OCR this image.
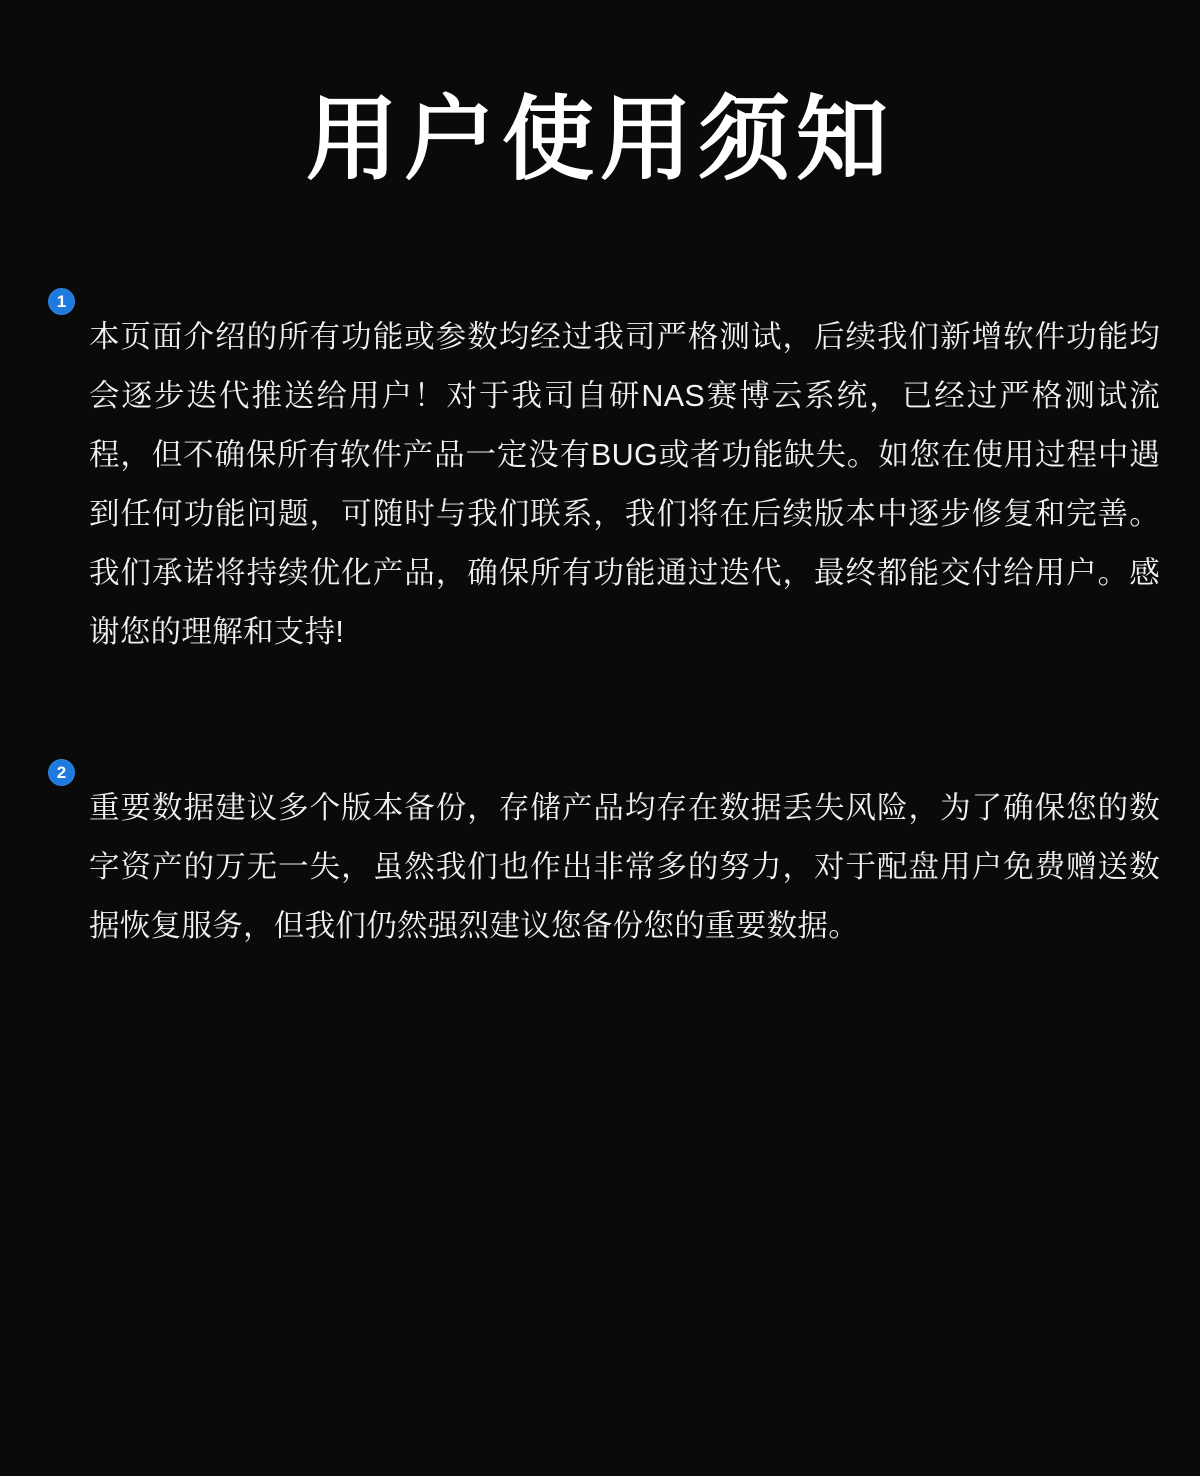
用户使用须知
1

本页面介绍的所有功能或参数均经过我司严格测试，后续我们新增软件功能均会逐步迭代推送给用户！对于我司自研NAS赛博云系统，已经过严格测试流程，但不确保所有软件产品一定没有BUG或者功能缺失。如您在使用过程中遇到任何功能问题，可随时与我们联系，我们将在后续版本中逐步修复和完善。我们承诺将持续优化产品，确保所有功能通过迭代，最终都能交付给用户。感谢您的理解和支持!

2

重要数据建议多个版本备份，存储产品均存在数据丢失风险，为了确保您的数字资产的万无一失，虽然我们也作出非常多的努力，对于配盘用户免费赠送数据恢复服务，但我们仍然强烈建议您备份您的重要数据。
